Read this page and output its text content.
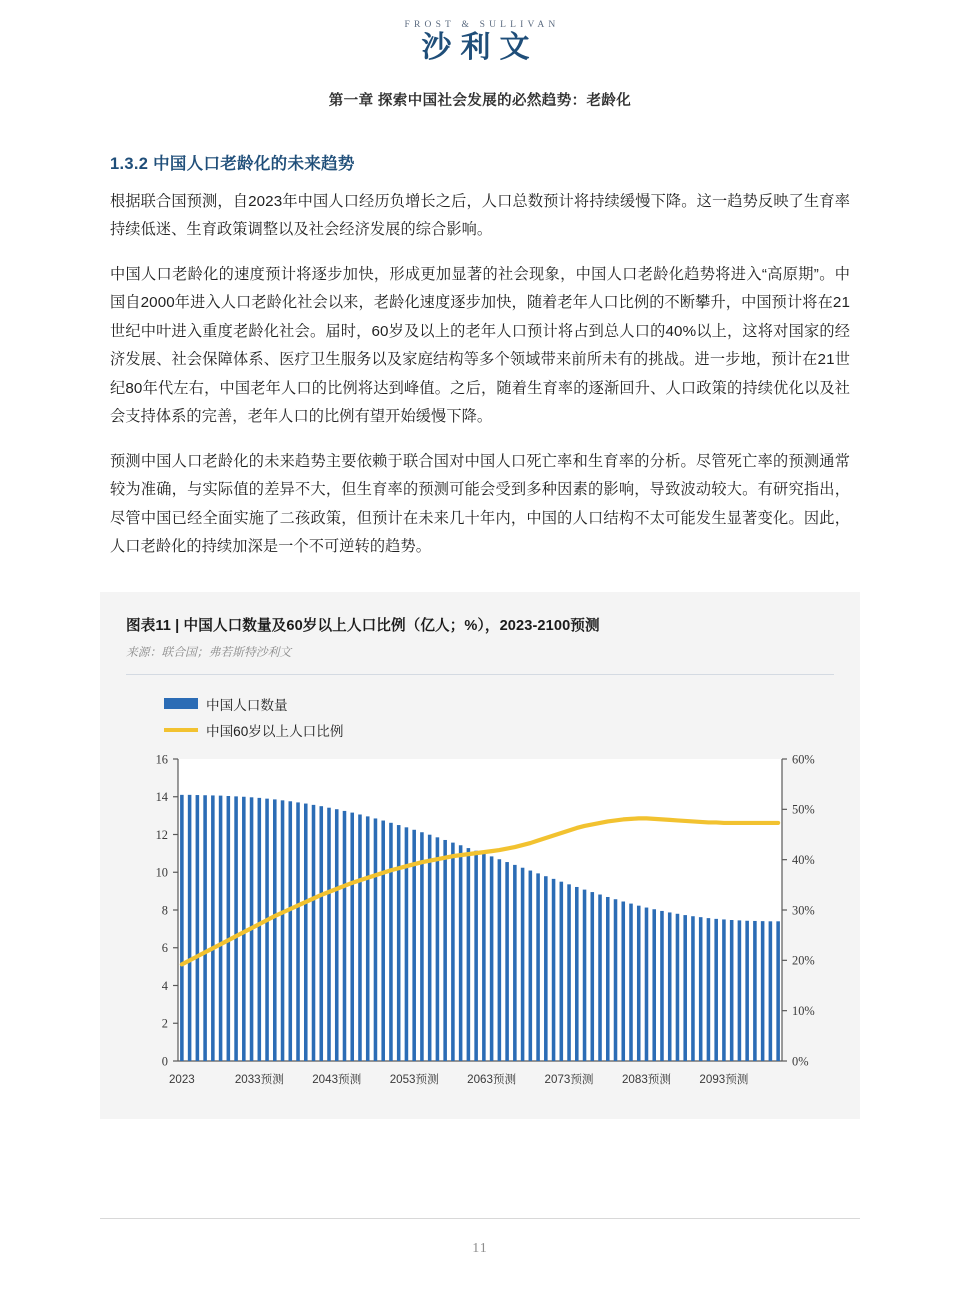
FROST & SULLIVAN
沙利文
第一章 探索中国社会发展的必然趋势：老龄化
1.3.2 中国人口老龄化的未来趋势

根据联合国预测，自2023年中国人口经历负增长之后，人口总数预计将持续缓慢下降。这一趋势反映了生育率持续低迷、生育政策调整以及社会经济发展的综合影响。

中国人口老龄化的速度预计将逐步加快，形成更加显著的社会现象，中国人口老龄化趋势将进入“高原期”。中国自2000年进入人口老龄化社会以来，老龄化速度逐步加快，随着老年人口比例的不断攀升，中国预计将在21世纪中叶进入重度老龄化社会。届时，60岁及以上的老年人口预计将占到总人口的40%以上，这将对国家的经济发展、社会保障体系、医疗卫生服务以及家庭结构等多个领域带来前所未有的挑战。进一步地，预计在21世纪80年代左右，中国老年人口的比例将达到峰值。之后，随着生育率的逐渐回升、人口政策的持续优化以及社会支持体系的完善，老年人口的比例有望开始缓慢下降。

预测中国人口老龄化的未来趋势主要依赖于联合国对中国人口死亡率和生育率的分析。尽管死亡率的预测通常较为准确，与实际值的差异不大，但生育率的预测可能会受到多种因素的影响，导致波动较大。有研究指出，尽管中国已经全面实施了二孩政策，但预计在未来几十年内，中国的人口结构不太可能发生显著变化。因此，人口老龄化的持续加深是一个不可逆转的趋势。

图表11 | 中国人口数量及60岁以上人口比例（亿人；%），2023-2100预测
来源：联合国；弗若斯特沙利文
中国人口数量
中国60岁以上人口比例
0
2
4
6
8
10
12
14
16
0%
10%
20%
30%
40%
50%
60%
2023	2033预测 2043预测 2053预测 2063预测 2073预测 2083预测 2093预测
11
